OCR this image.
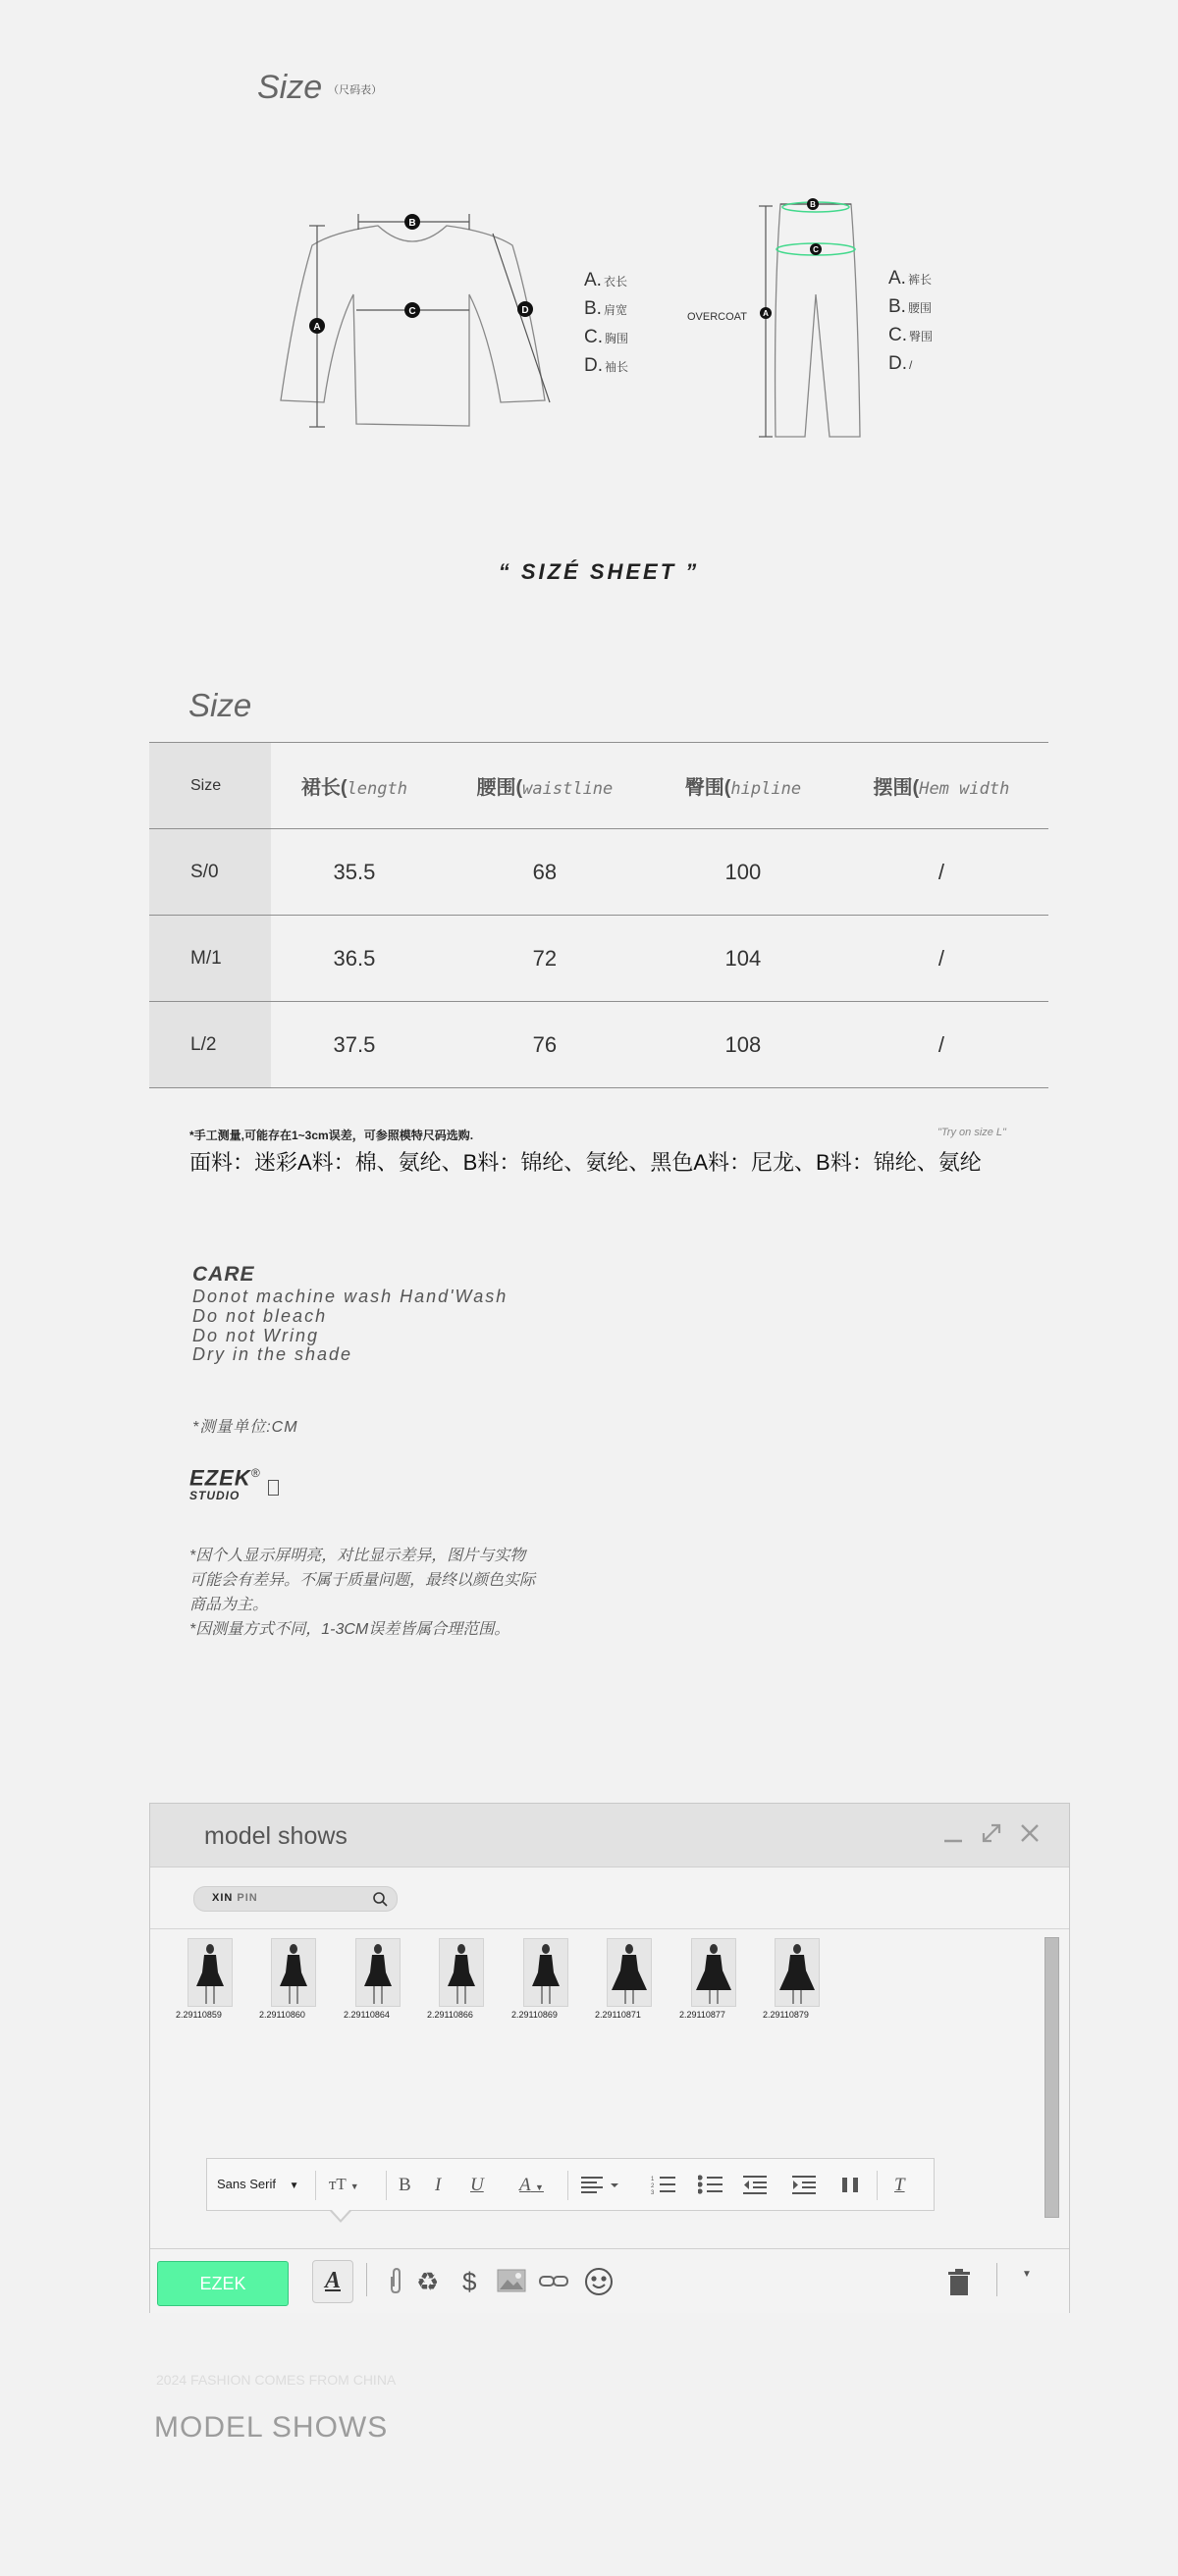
Size （尺码表）
A
B
C	D	A
B
C
A. 衣长
B. 肩宽
C. 胸围
D. 袖长
OVERCOAT
A. 裤长
B. 腰围
C. 臀围
D. /
“ SIZÉ SHEET ”
Size
Size	裙长(length	腰围(waistline	臀围(hipline	摆围(Hem width
S/0	35.5	68	100	/
M/1	36.5	72	104	/
L/2	37.5	76	108	/
*手工测量,可能存在1~3cm误差，可参照模特尺码选购.	"Try on size L"
面料：迷彩A料：棉、氨纶、B料：锦纶、氨纶、黑色A料：尼龙、B料：锦纶、氨纶
CARE
Donot machine wash Hand'Wash
Do not bleach
Do not Wring
Dry in the shade
*测量单位:CM
EZEK®
STUDIO
*因个人显示屏明亮，对比显示差异，图片与实物
可能会有差异。不属于质量问题，最终以颜色实际
商品为主。
*因测量方式不同，1-3CM误差皆属合理范围。
model shows
XIN PIN
2.29110859	2.29110860	2.29110864	2.29110866	2.29110869	2.29110871	2.29110877	2.29110879
Sans Serif ▼ тT ▼ B I U A ▼
1
2
3	T
EZEK	A	♻ $	▼
2024 FASHION COMES FROM CHINA
MODEL SHOWS
